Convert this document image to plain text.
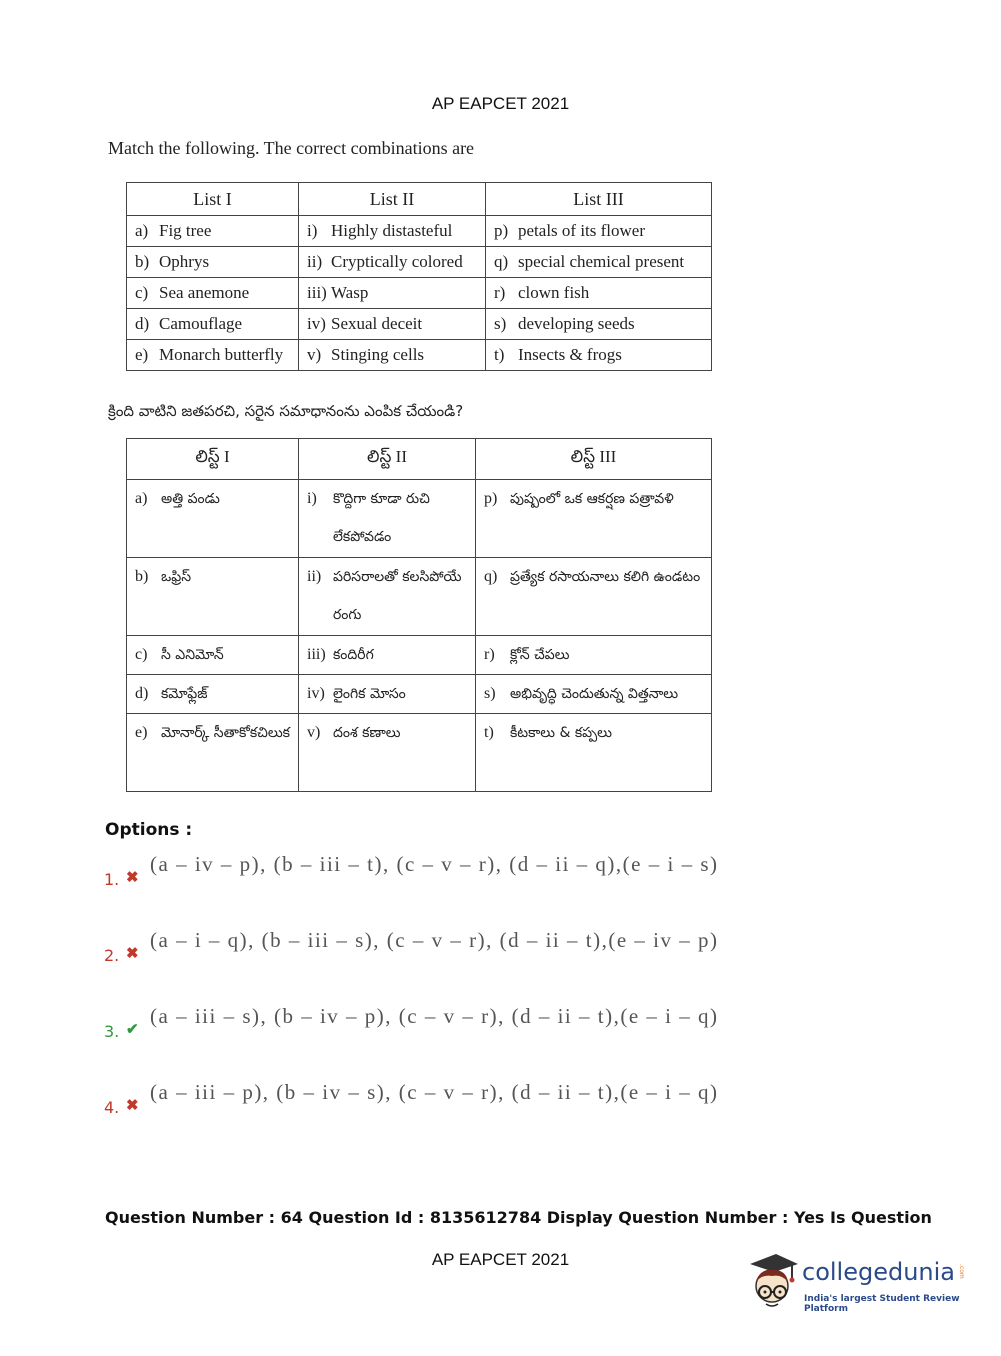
AP EAPCET 2021
Match the following. The correct combinations are
List I	List II	List III

a) Fig tree	i) Highly distasteful	p) petals of its flower

b) Ophrys	ii) Cryptically colored	q) special chemical present

c) Sea anemone	iii) Wasp	r) clown fish

d) Camouflage	iv) Sexual deceit	s) developing seeds

e) Monarch butterfly	v) Stinging cells	t) Insects & frogs
క్రింది వాటిని జతపరచి, సరైన సమాధానంను ఎంపిక చేయండి?
లిస్ట్ I	లిస్ట్ II	లిస్ట్ III

a) అత్తి పండు	i) కొద్దిగా కూడా రుచి లేకపోవడం	p) పుష్పంలో ఒక ఆకర్షణ పత్రావళి

b) ఒఫ్రిస్	ii) పరిసరాలతో కలసిపోయే రంగు	q) ప్రత్యేక రసాయనాలు కలిగి ఉండటం

c) సీ ఎనిమోన్	iii) కందిరీగ	r) క్లోన్ చేపలు

d) కమోఫ్లేజ్	iv) లైంగిక మోసం	s) అభివృద్ధి చెందుతున్న విత్తనాలు

e) మోనార్క్ సీతాకోకచిలుక	v) దంశ కణాలు	t) కీటకాలు & కప్పలు
Options :
1. ✖
(a – iv – p), (b – iii – t), (c – v – r), (d – ii – q),(e – i – s)
2. ✖
(a – i – q), (b – iii – s), (c – v – r), (d – ii – t),(e – iv – p)
3. ✔
(a – iii – s), (b – iv – p), (c – v – r), (d – ii – t),(e – i – q)
4. ✖
(a – iii – p), (b – iv – s), (c – v – r), (d – ii – t),(e – i – q)
Question Number : 64 Question Id : 8135612784 Display Question Number : Yes Is Question
AP EAPCET 2021	collegedunia .com
India's largest Student Review Platform
